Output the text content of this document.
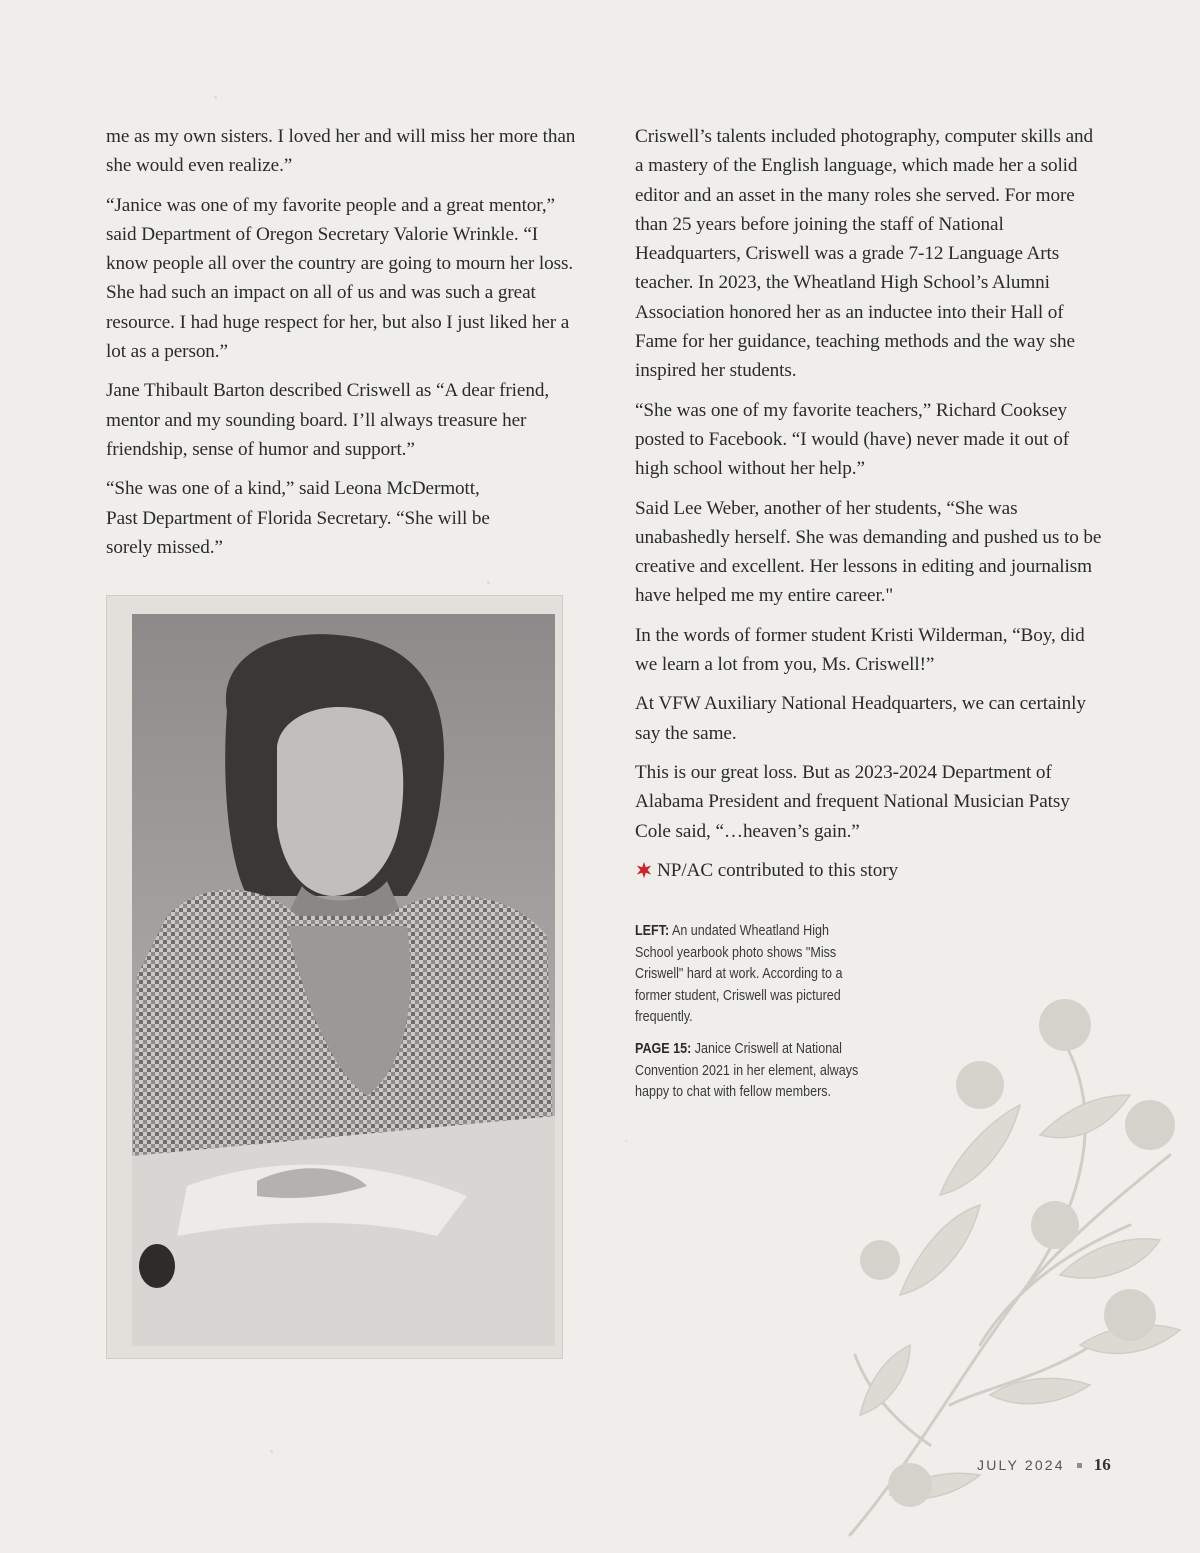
me as my own sisters. I loved her and will miss her more than she would even realize.”

“Janice was one of my favorite people and a great mentor,” said Department of Oregon Secretary Valorie Wrinkle. “I know people all over the country are going to mourn her loss. She had such an impact on all of us and was such a great resource. I had huge respect for her, but also I just liked her a lot as a person.”

Jane Thibault Barton described Criswell as “A dear friend, mentor and my sounding board. I’ll always treasure her friendship, sense of humor and support.”

“She was one of a kind,” said Leona McDermott, Past Department of Florida Secretary. “She will be sorely missed.”

Criswell’s talents included photography, computer skills and a mastery of the English language, which made her a solid editor and an asset in the many roles she served. For more than 25 years before joining the staff of National Headquarters, Criswell was a grade 7-12 Language Arts teacher. In 2023, the Wheatland High School’s Alumni Association honored her as an inductee into their Hall of Fame for her guidance, teaching methods and the way she inspired her students.

“She was one of my favorite teachers,” Richard Cooksey posted to Facebook. “I would (have) never made it out of high school without her help.”

Said Lee Weber, another of her students, “She was unabashedly herself. She was demanding and pushed us to be creative and excellent. Her lessons in editing and journalism have helped me my entire career."

In the words of former student Kristi Wilderman, “Boy, did we learn a lot from you, Ms. Criswell!”

At VFW Auxiliary National Headquarters, we can certainly say the same.

This is our great loss. But as 2023-2024 Department of Alabama President and frequent National Musician Patsy Cole said, “…heaven’s gain.”

NP/AC contributed to this story

LEFT: An undated Wheatland High School yearbook photo shows "Miss Criswell" hard at work. According to a former student, Criswell was pictured frequently.

PAGE 15: Janice Criswell at National Convention 2021 in her element, always happy to chat with fellow members.

JULY 2024 16
